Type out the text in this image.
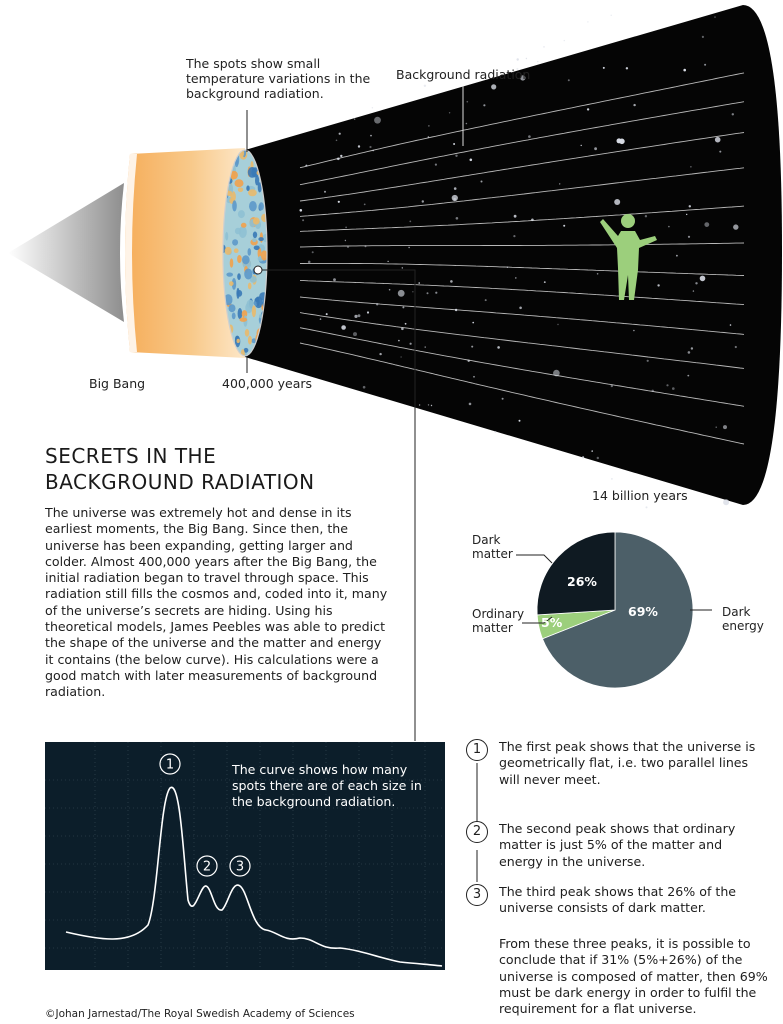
1
2 3
The spots show small temperature variations in the background radiation.
Background radiation
Big Bang	400,000 years
14 billion years
SECRETS IN THE
BACKGROUND RADIATION
The universe was extremely hot and dense in its earliest moments, the Big Bang. Since then, the universe has been expanding, getting larger and colder. Almost 400,000 years after the Big Bang, the initial radiation began to travel through space. This radiation still fills the cosmos and, coded into it, many of the universe’s secrets are hiding. Using his theoretical models, James Peebles was able to predict the shape of the universe and the matter and energy it contains (the below curve). His calculations were a good match with later measurements of background radiation.
The curve shows how many spots there are of each size in the background radiation.
1	The first peak shows that the universe is geometrically flat, i.e. two parallel lines will never meet.
2	The second peak shows that ordinary matter is just 5% of the matter and energy in the universe.
3	The third peak shows that 26% of the universe consists of dark matter.
From these three peaks, it is possible to conclude that if 31% (5%+26%) of the universe is composed of matter, then 69% must be dark energy in order to fulfil the requirement for a flat universe.
Dark matter
Ordinary matter
Dark energy
26%
5%
69%
©Johan Jarnestad/The Royal Swedish Academy of Sciences
